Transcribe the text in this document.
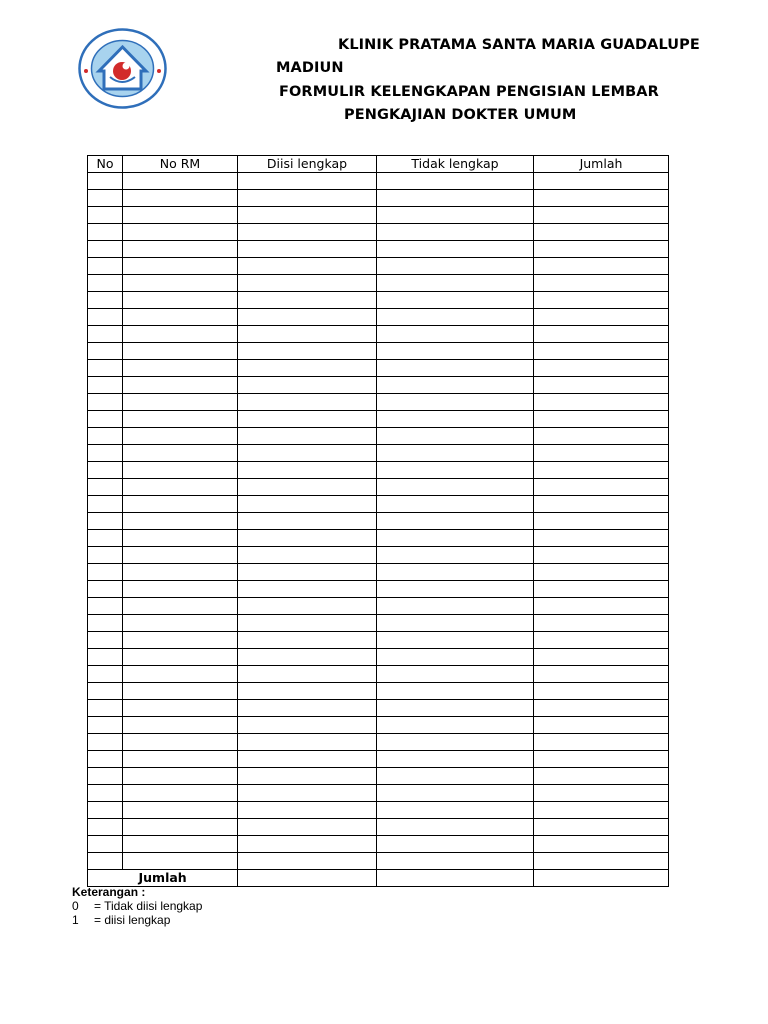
KLINIK PRATAMA SANTA MARIA GUADALUPE
MADIUN
FORMULIR KELENGKAPAN PENGISIAN LEMBAR
PENGKAJIAN DOKTER UMUM
No	No RM	Diisi lengkap	Tidak lengkap	Jumlah

	Jumlah			
Keterangan :
0	= Tidak diisi lengkap
1	= diisi lengkap
